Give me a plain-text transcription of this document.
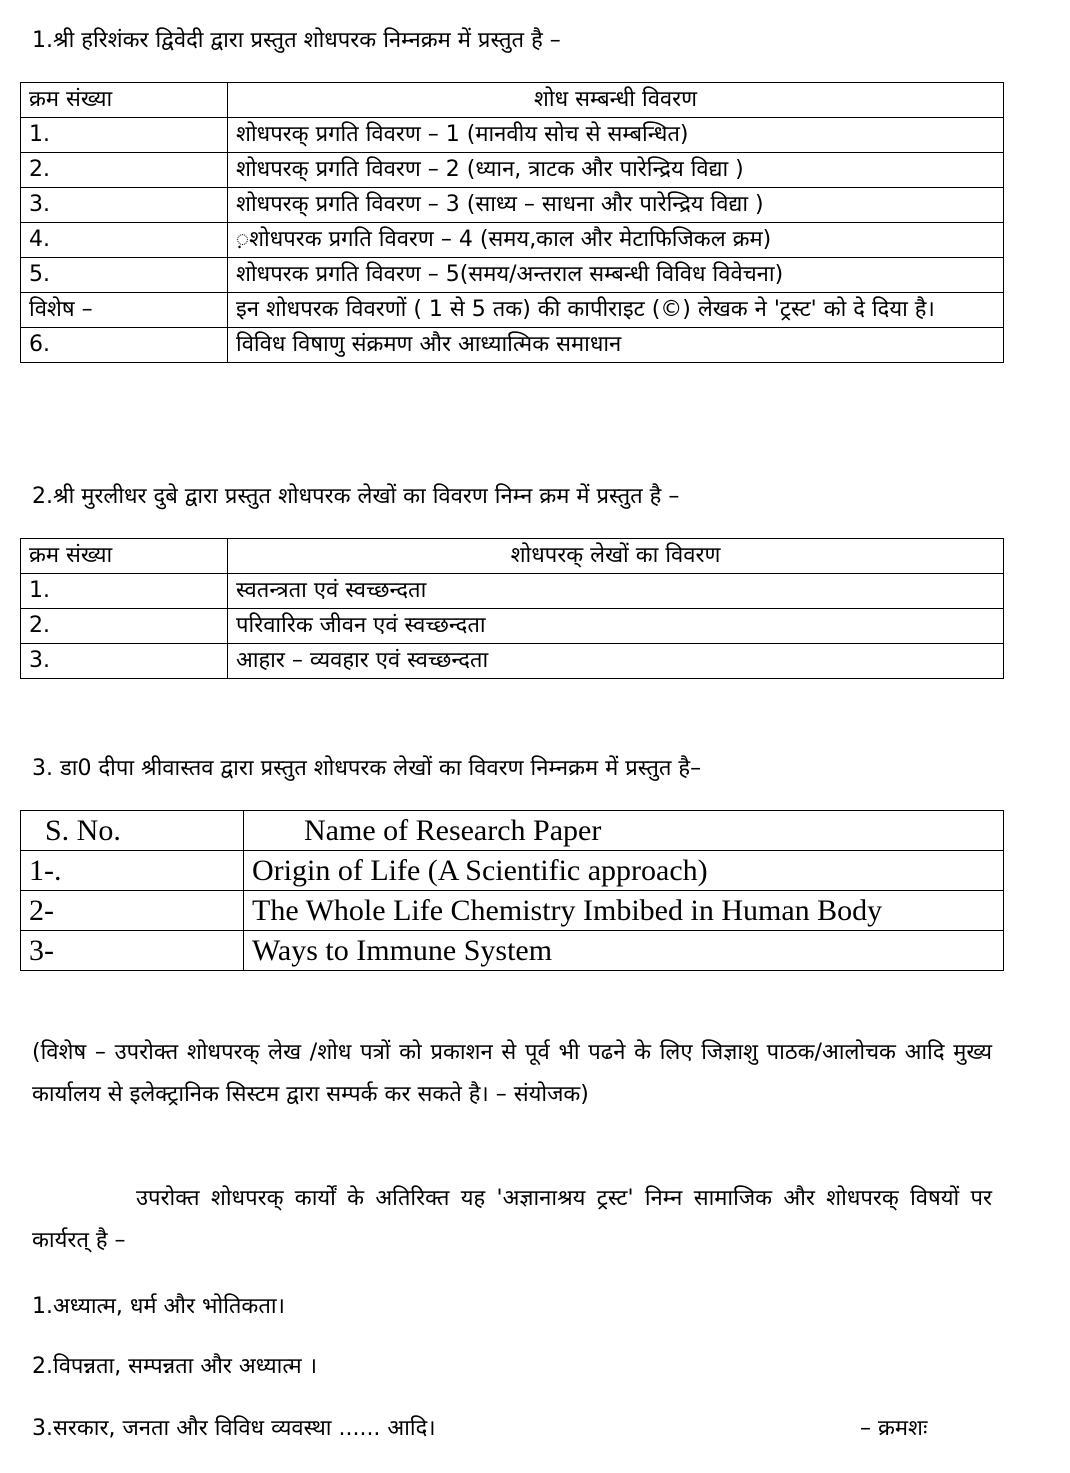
1.श्री हरिशंकर द्विवेदी द्वारा प्रस्तुत शोधपरक निम्नक्रम में प्रस्तुत है –
क्रम संख्या	शोध सम्बन्धी विवरण
1.	शोधपरक् प्रगति विवरण – 1 (मानवीय सोच से सम्बन्धित)
2.	शोधपरक् प्रगति विवरण – 2 (ध्यान, त्राटक और पारेन्द्रिय विद्या )
3.	शोधपरक् प्रगति विवरण – 3 (साध्य – साधना और पारेन्द्रिय विद्या )
4.	़शोधपरक प्रगति विवरण – 4 (समय,काल और मेटाफिजिकल क्रम)
5.	शोधपरक प्रगति विवरण – 5(समय/अन्तराल सम्बन्धी विविध विवेचना)
विशेष –	इन शोधपरक विवरणों ( 1 से 5 तक) की कापीराइट (©) लेखक ने 'ट्रस्ट' को दे दिया है।
6.	विविध विषाणु संक्रमण और आध्यात्मिक समाधान
2.श्री मुरलीधर दुबे द्वारा प्रस्तुत शोधपरक लेखों का विवरण निम्न क्रम में प्रस्तुत है –
क्रम संख्या	शोधपरक् लेखों का विवरण
1.	स्वतन्त्रता एवं स्वच्छन्दता
2.	परिवारिक जीवन एवं स्वच्छन्दता
3.	आहार – व्यवहार एवं स्वच्छन्दता
3. डा0 दीपा श्रीवास्तव द्वारा प्रस्तुत शोधपरक लेखों का विवरण निम्नक्रम में प्रस्तुत है–
S. No.	Name of Research Paper
1-.	Origin of Life (A Scientific approach)
2-	The Whole Life Chemistry Imbibed in Human Body
3-	Ways to Immune System
(विशेष – उपरोक्त शोधपरक् लेख /शोध पत्रों को प्रकाशन से पूर्व भी पढने के लिए जिज्ञाशु पाठक/आलोचक आदि मुख्य कार्यालय से इलेक्ट्रानिक सिस्टम द्वारा सम्पर्क कर सकते है। – संयोजक)
उपरोक्त शोधपरक् कार्यों के अतिरिक्त यह 'अज्ञानाश्रय ट्रस्ट' निम्न सामाजिक और शोधपरक् विषयों पर कार्यरत् है –
1.अध्यात्म, धर्म और भोतिकता।
2.विपन्नता, सम्पन्नता और अध्यात्म ।
3.सरकार, जनता और विविध व्यवस्था ...... आदि।	– क्रमशः
